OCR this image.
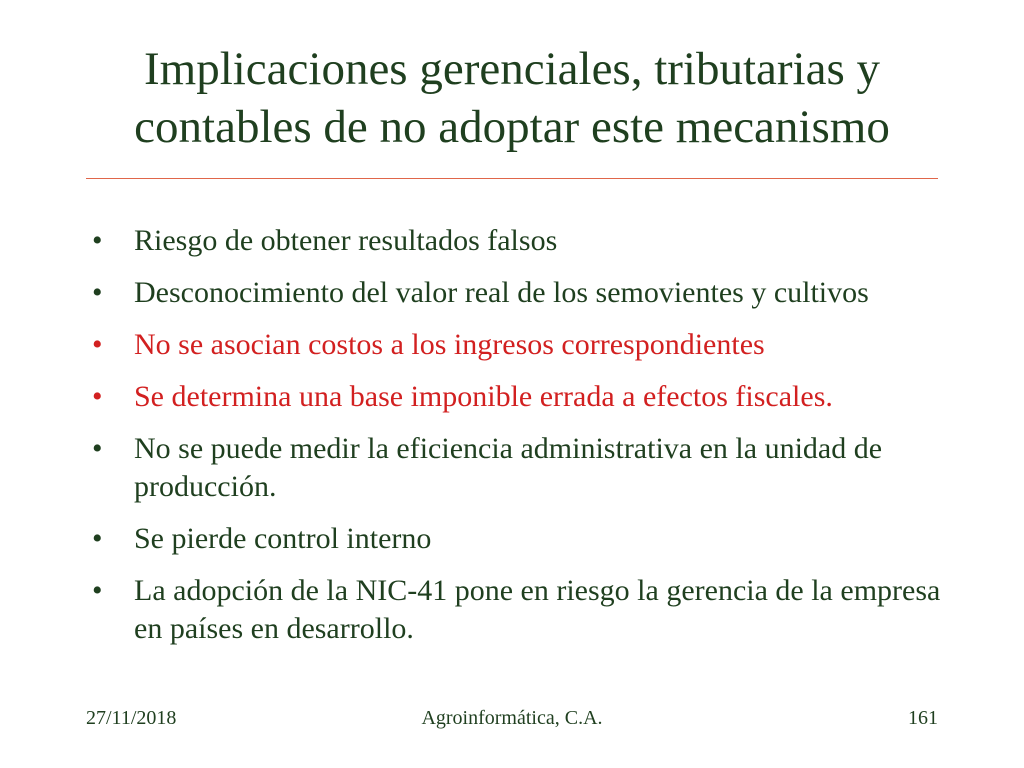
Implicaciones gerenciales, tributarias y
contables de no adoptar este mecanismo
• Riesgo de obtener resultados falsos
• Desconocimiento del valor real de los semovientes y cultivos
• No se asocian costos a los ingresos correspondientes
• Se determina una base imponible errada a efectos fiscales.
• No se puede medir la eficiencia administrativa en la unidad de producción.
• Se pierde control interno
• La adopción de la NIC-41 pone en riesgo la gerencia de la empresa en países en desarrollo.
27/11/2018	Agroinformática, C.A.	161
